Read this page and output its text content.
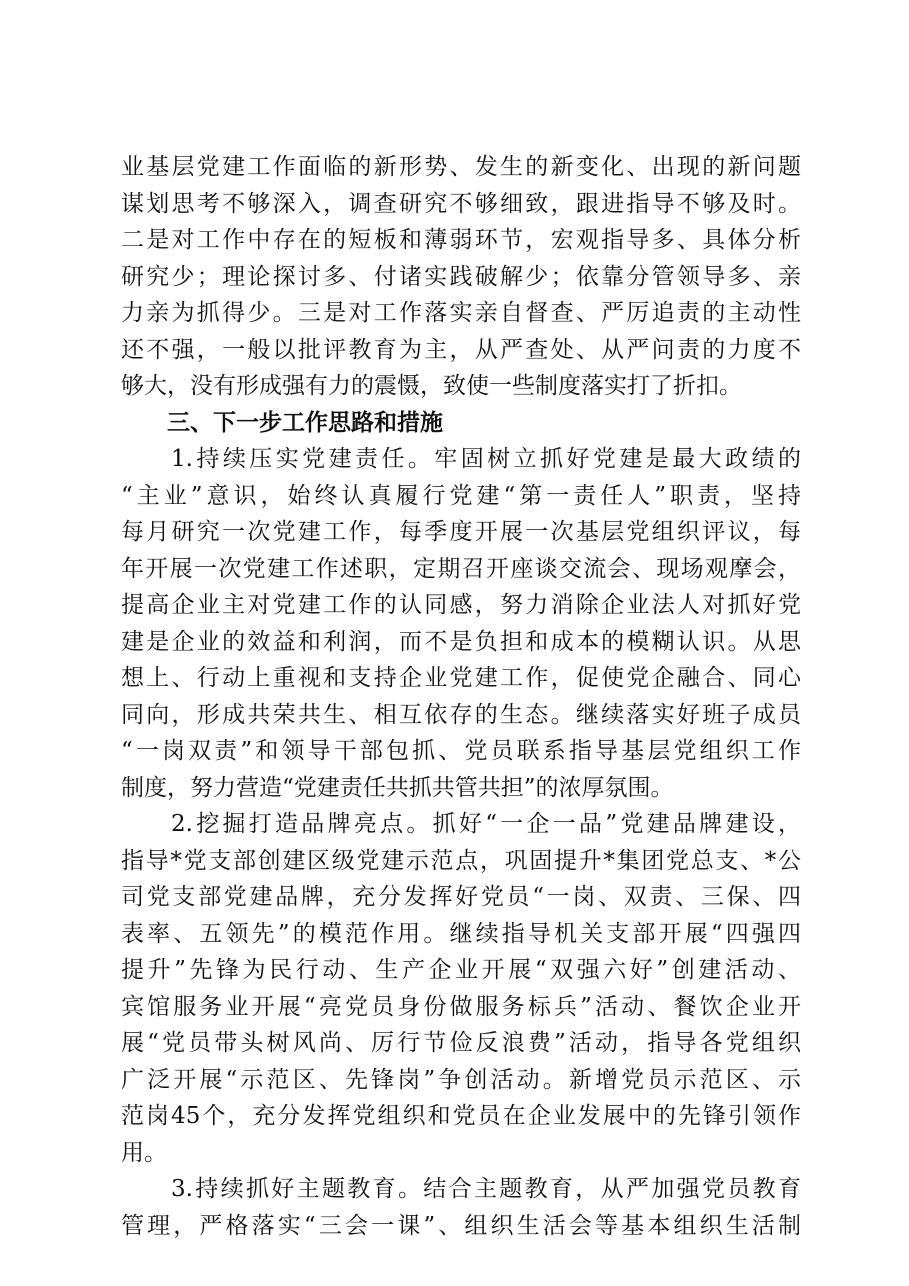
业基层党建工作面临的新形势、发生的新变化、出现的新问题
谋划思考不够深入，调查研究不够细致，跟进指导不够及时。
二是对工作中存在的短板和薄弱环节，宏观指导多、具体分析
研究少；理论探讨多、付诸实践破解少；依靠分管领导多、亲
力亲为抓得少。三是对工作落实亲自督查、严厉追责的主动性
还不强，一般以批评教育为主，从严查处、从严问责的力度不
够大，没有形成强有力的震慑，致使一些制度落实打了折扣。
三、下一步工作思路和措施
1.持续压实党建责任。牢固树立抓好党建是最大政绩的
“主业”意识，始终认真履行党建“第一责任人”职责，坚持
每月研究一次党建工作，每季度开展一次基层党组织评议，每
年开展一次党建工作述职，定期召开座谈交流会、现场观摩会，
提高企业主对党建工作的认同感，努力消除企业法人对抓好党
建是企业的效益和利润，而不是负担和成本的模糊认识。从思
想上、行动上重视和支持企业党建工作，促使党企融合、同心
同向，形成共荣共生、相互依存的生态。继续落实好班子成员
“一岗双责”和领导干部包抓、党员联系指导基层党组织工作
制度，努力营造“党建责任共抓共管共担”的浓厚氛围。
2.挖掘打造品牌亮点。抓好“一企一品”党建品牌建设，
指导*党支部创建区级党建示范点，巩固提升*集团党总支、*公
司党支部党建品牌，充分发挥好党员“一岗、双责、三保、四
表率、五领先”的模范作用。继续指导机关支部开展“四强四
提升”先锋为民行动、生产企业开展“双强六好”创建活动、
宾馆服务业开展“亮党员身份做服务标兵”活动、餐饮企业开
展“党员带头树风尚、厉行节俭反浪费”活动，指导各党组织
广泛开展“示范区、先锋岗”争创活动。新增党员示范区、示
范岗45个，充分发挥党组织和党员在企业发展中的先锋引领作
用。
3.持续抓好主题教育。结合主题教育，从严加强党员教育
管理，严格落实“三会一课”、组织生活会等基本组织生活制
